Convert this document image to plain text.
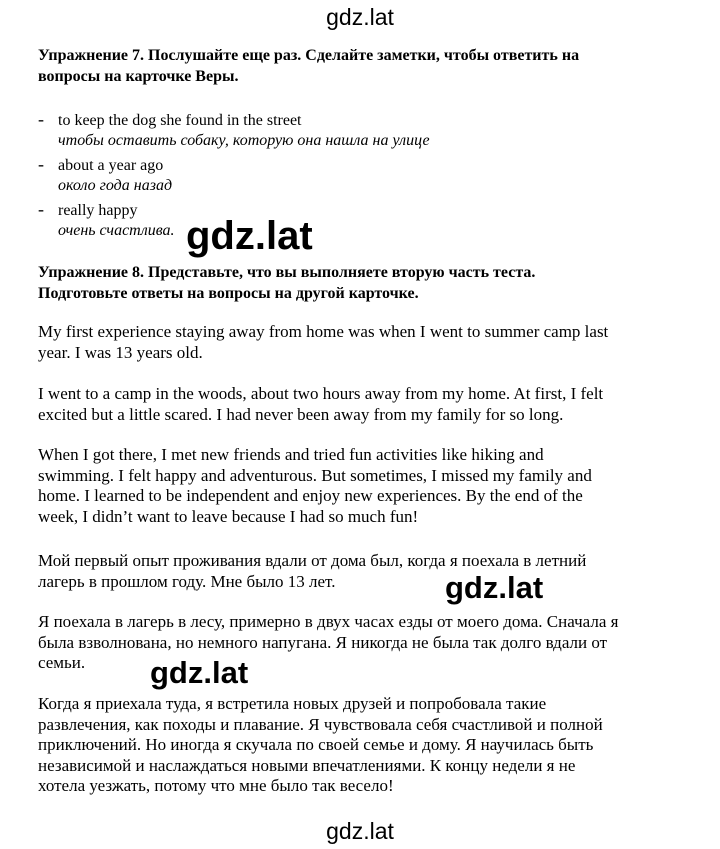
Упражнение 7. Послушайте еще раз. Сделайте заметки, чтобы ответить на
вопросы на карточке Веры.
- to keep the dog she found in the street
чтобы оставить собаку, которую она нашла на улице
- about a year ago
около года назад
- really happy
очень счастлива.
Упражнение 8. Представьте, что вы выполняете вторую часть теста.
Подготовьте ответы на вопросы на другой карточке.
My first experience staying away from home was when I went to summer camp last
year. I was 13 years old.
I went to a camp in the woods, about two hours away from my home. At first, I felt
excited but a little scared. I had never been away from my family for so long.
When I got there, I met new friends and tried fun activities like hiking and
swimming. I felt happy and adventurous. But sometimes, I missed my family and
home. I learned to be independent and enjoy new experiences. By the end of the
week, I didn’t want to leave because I had so much fun!
Мой первый опыт проживания вдали от дома был, когда я поехала в летний
лагерь в прошлом году. Мне было 13 лет.
Я поехала в лагерь в лесу, примерно в двух часах езды от моего дома. Сначала я
была взволнована, но немного напугана. Я никогда не была так долго вдали от
семьи.
Когда я приехала туда, я встретила новых друзей и попробовала такие
развлечения, как походы и плавание. Я чувствовала себя счастливой и полной
приключений. Но иногда я скучала по своей семье и дому. Я научилась быть
независимой и наслаждаться новыми впечатлениями. К концу недели я не
хотела уезжать, потому что мне было так весело!
gdz.lat
gdz.lat
gdz.lat
gdz.lat
gdz.lat
